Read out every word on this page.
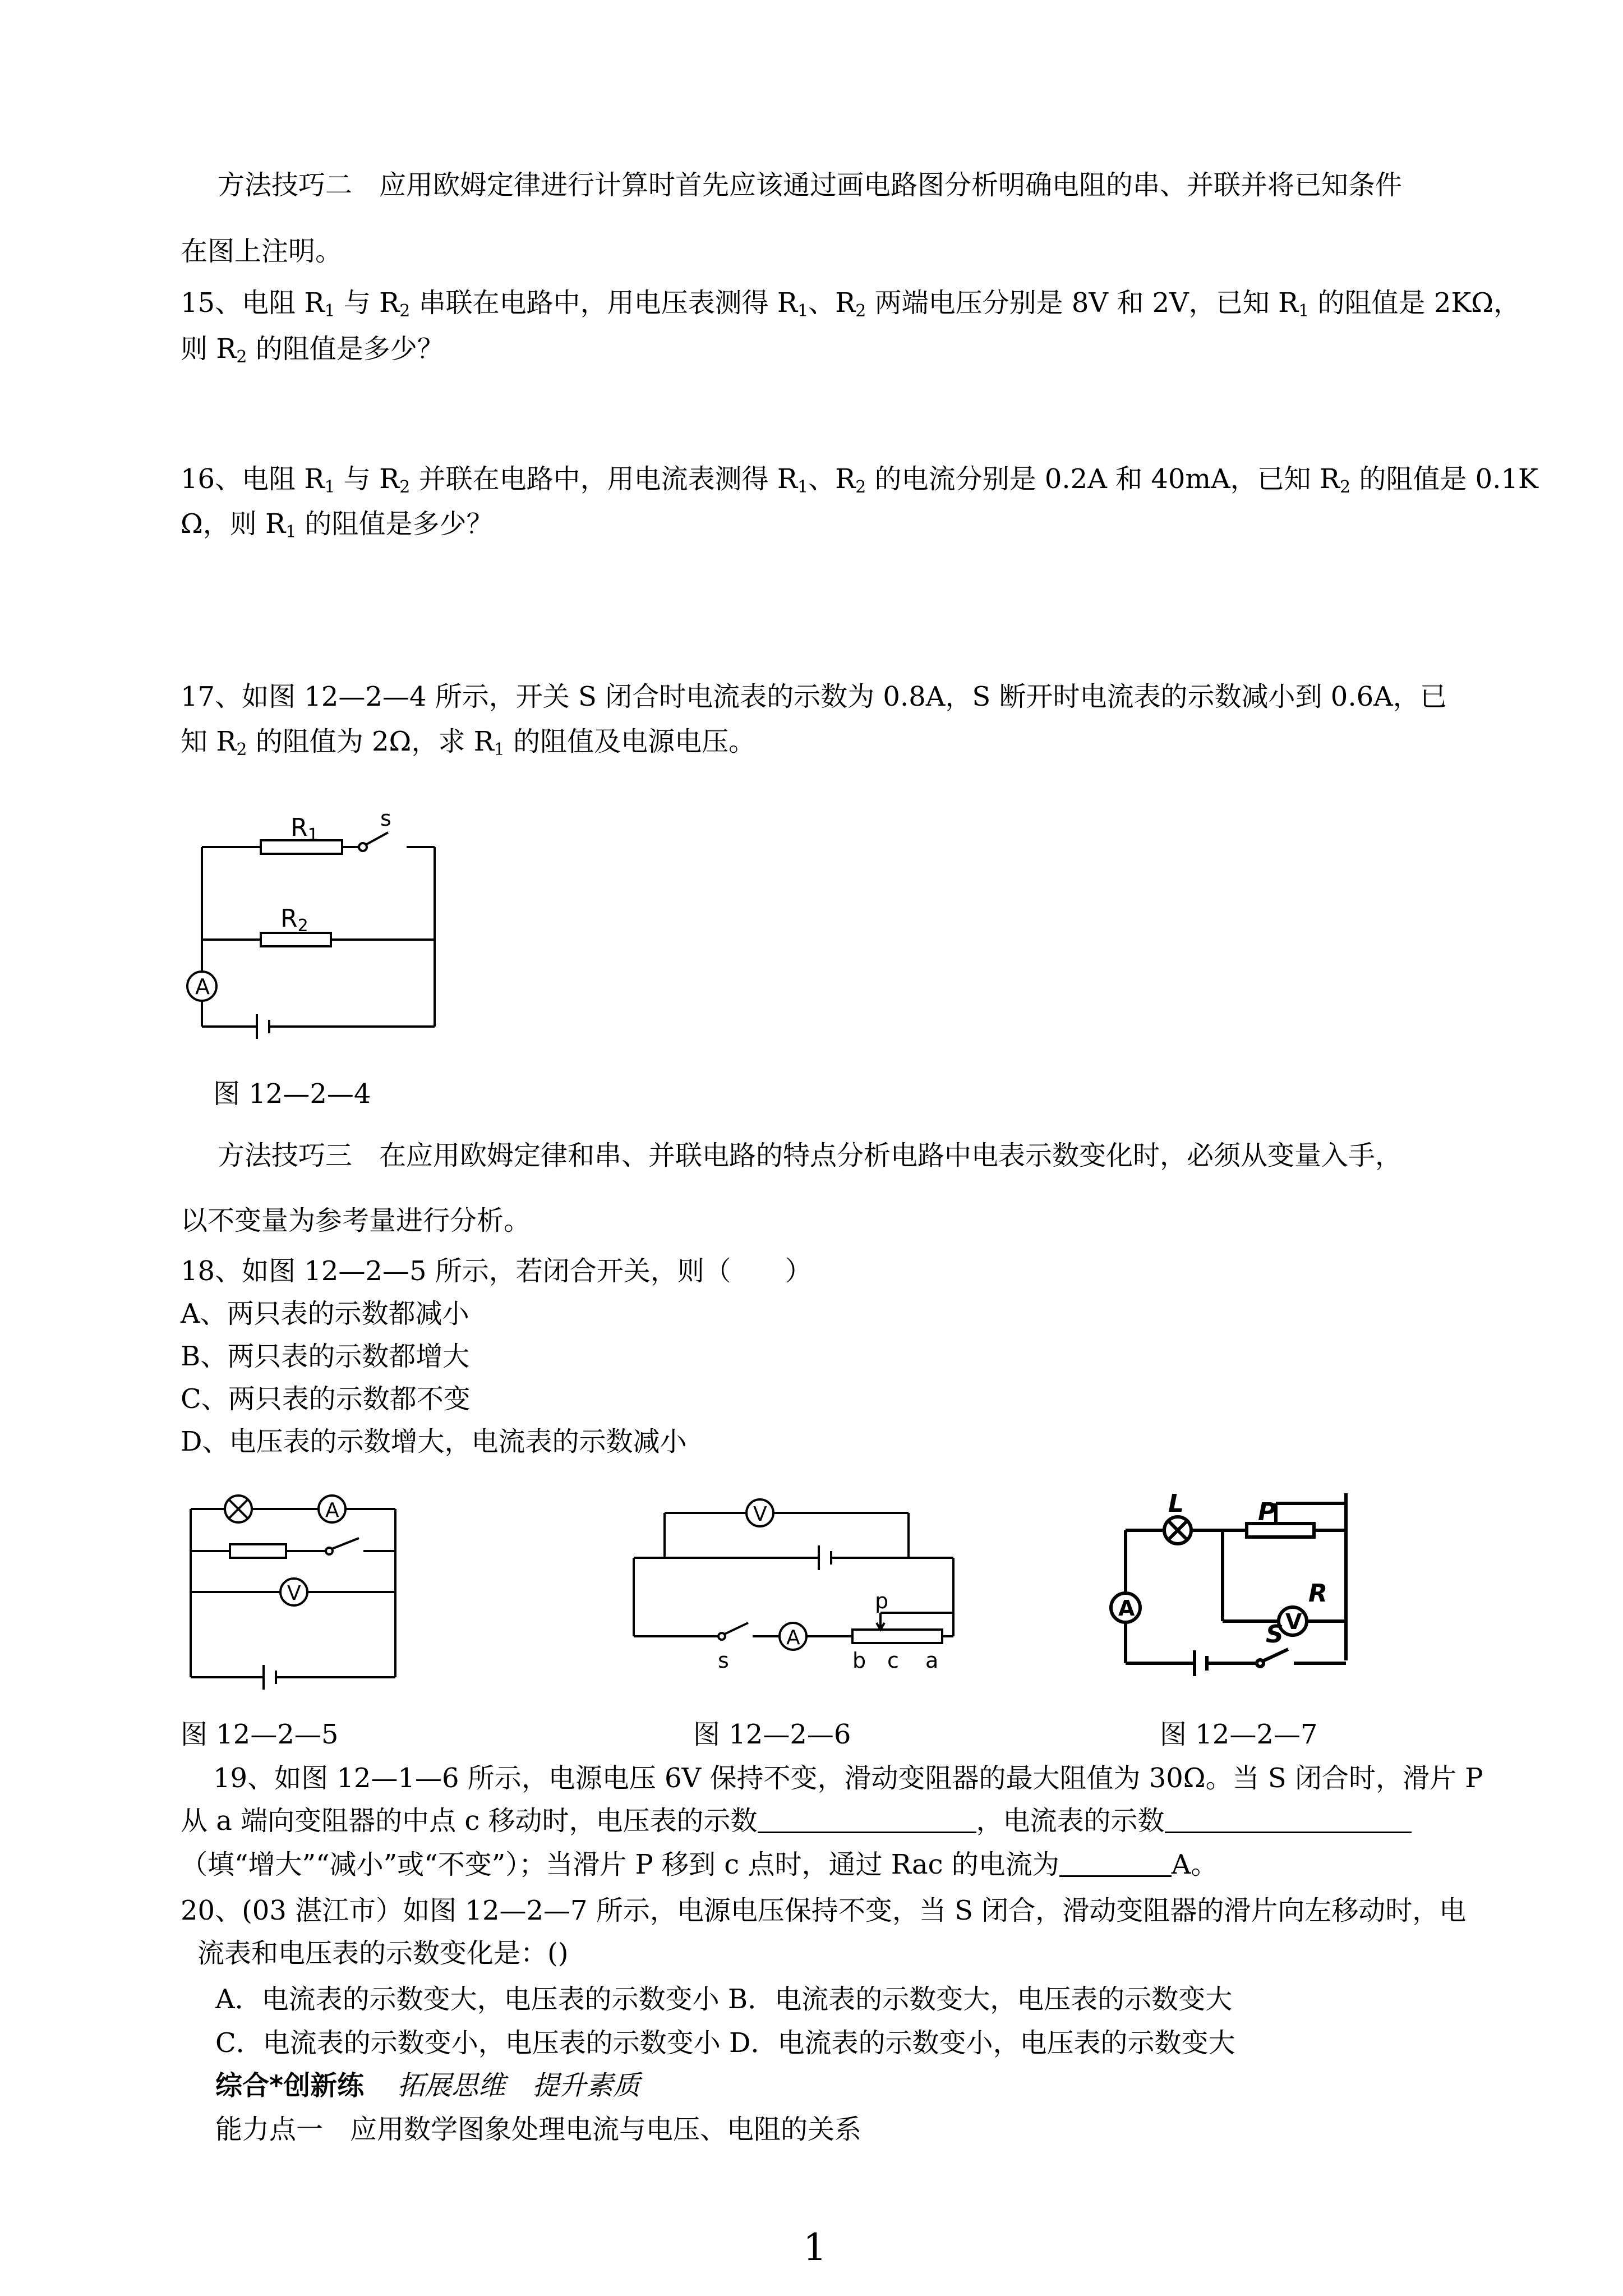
方法技巧二　应用欧姆定律进行计算时首先应该通过画电路图分析明确电阻的串、并联并将已知条件
在图上注明。
15、电阻 $R_1$ 与 $R_2$ 串联在电路中，用电压表测得 $R_1$、$R_2$ 两端电压分别是 8V 和 2V，已知 $R_1$ 的阻值是 2KΩ，
则 $R_2$ 的阻值是多少？
16、电阻 $R_1$ 与 $R_2$ 并联在电路中，用电流表测得 $R_1$、$R_2$ 的电流分别是 0.2A 和 40mA，已知 $R_2$ 的阻值是 0.1K
Ω，则 $R_1$ 的阻值是多少？
17、如图 12—2—4 所示，开关 S 闭合时电流表的示数为 0.8A，S 断开时电流表的示数减小到 0.6A，已
知 $R_2$ 的阻值为 2Ω，求 $R_1$ 的阻值及电源电压。
R1
s
R2
A
图 12—2—4
方法技巧三　在应用欧姆定律和串、并联电路的特点分析电路中电表示数变化时，必须从变量入手，
以不变量为参考量进行分析。
18、如图 12—2—5 所示，若闭合开关，则（　　）
A、两只表的示数都减小
B、两只表的示数都增大
C、两只表的示数都不变
D、电压表的示数增大，电流表的示数减小
A
V
图 12—2—5
V
A
s
p
b c a
图 12—2—6
L	P
R
S
A
V
图 12—2—7
19、如图 12—1—6 所示，电源电压 6V 保持不变，滑动变阻器的最大阻值为 30Ω。当 S 闭合时，滑片 P
从 a 端向变阻器的中点 c 移动时，电压表的示数	，电流表的示数
（填“增大”“减小”或“不变”）；当滑片 P 移到 c 点时，通过 Rac 的电流为	A。
20、(03 湛江市）如图 12—2—7 所示，电源电压保持不变，当 S 闭合，滑动变阻器的滑片向左移动时，电
流表和电压表的示数变化是：()
A．电流表的示数变大，电压表的示数变小 B．电流表的示数变大，电压表的示数变大
C．电流表的示数变小，电压表的示数变小 D．电流表的示数变小，电压表的示数变大
综合*创新练 拓展思维 提升素质
能力点一　应用数学图象处理电流与电压、电阻的关系
1
